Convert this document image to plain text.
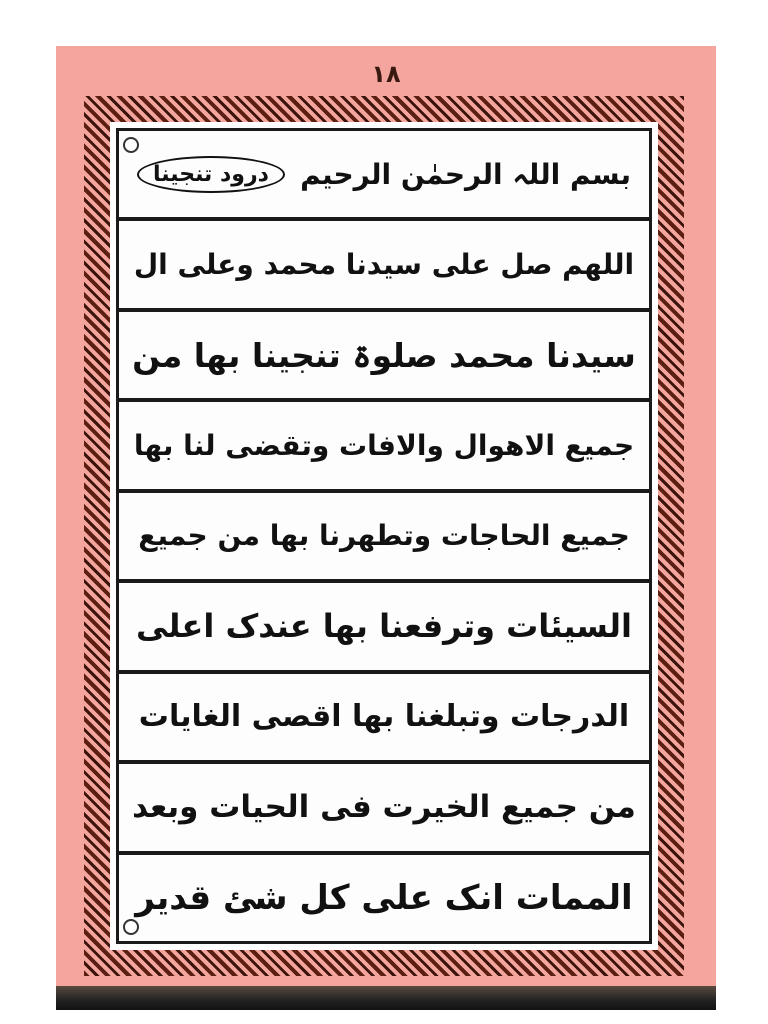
١٨
بسم اللہ الرحمٰن الرحیم
درود تنجینا
اللھم صل علی سیدنا محمد وعلی ال
سیدنا محمد صلوۃ تنجینا بھا من
جمیع الاھوال والافات وتقضی لنا بھا
جمیع الحاجات وتطھرنا بھا من جمیع
السیئات وترفعنا بھا عندک اعلی
الدرجات وتبلغنا بھا اقصی الغایات
من جمیع الخیرت فی الحیات وبعد
الممات انک علی کل شئ قدیر
